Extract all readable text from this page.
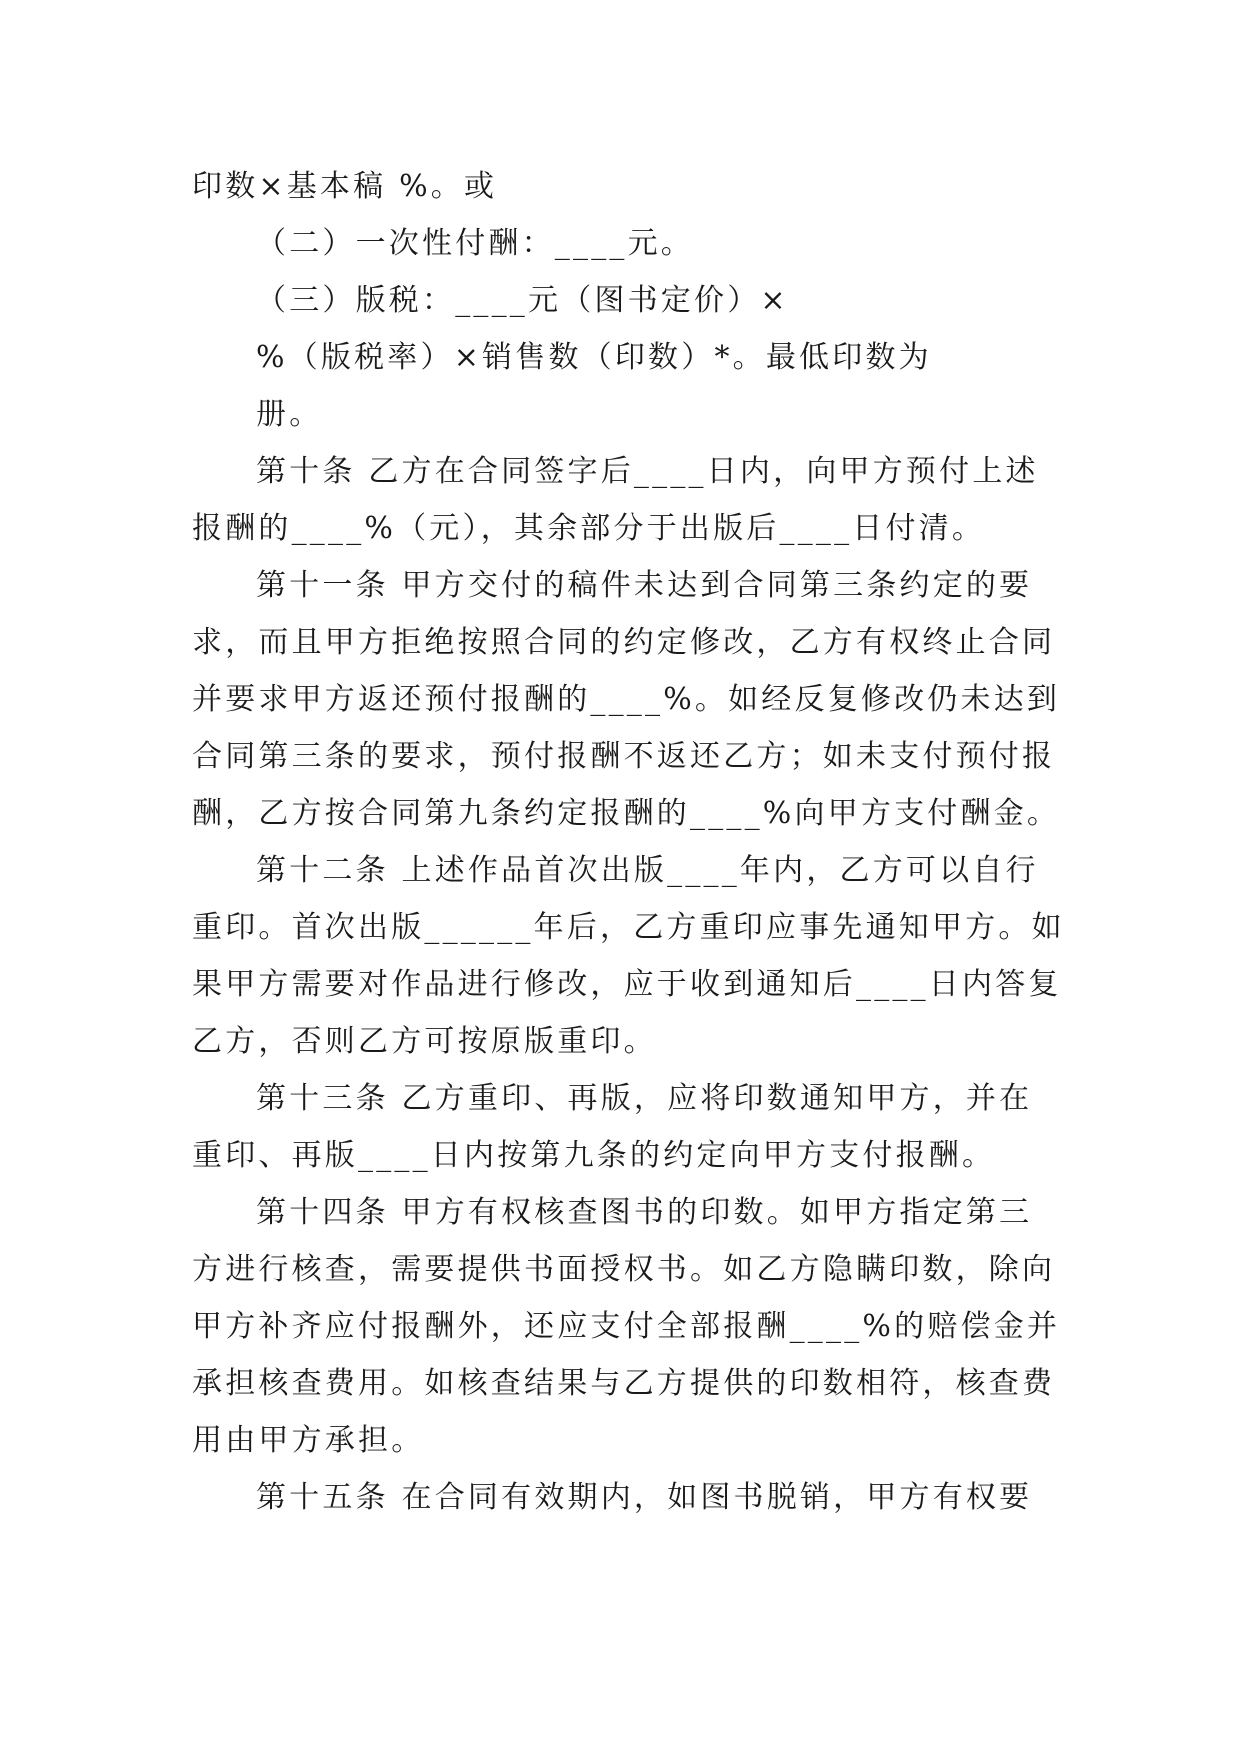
印数×基本稿 %。或
（二）一次性付酬：____元。
（三）版税：____元（图书定价）×
%（版税率）×销售数（印数）*。最低印数为
册。
第十条 乙方在合同签字后____日内，向甲方预付上述
报酬的____%（元），其余部分于出版后____日付清。
第十一条 甲方交付的稿件未达到合同第三条约定的要
求，而且甲方拒绝按照合同的约定修改，乙方有权终止合同
并要求甲方返还预付报酬的____%。如经反复修改仍未达到
合同第三条的要求，预付报酬不返还乙方；如未支付预付报
酬，乙方按合同第九条约定报酬的____%向甲方支付酬金。
第十二条 上述作品首次出版____年内，乙方可以自行
重印。首次出版______年后，乙方重印应事先通知甲方。如
果甲方需要对作品进行修改，应于收到通知后____日内答复
乙方，否则乙方可按原版重印。
第十三条 乙方重印、再版，应将印数通知甲方，并在
重印、再版____日内按第九条的约定向甲方支付报酬。
第十四条 甲方有权核查图书的印数。如甲方指定第三
方进行核查，需要提供书面授权书。如乙方隐瞒印数，除向
甲方补齐应付报酬外，还应支付全部报酬____%的赔偿金并
承担核查费用。如核查结果与乙方提供的印数相符，核查费
用由甲方承担。
第十五条 在合同有效期内，如图书脱销，甲方有权要
